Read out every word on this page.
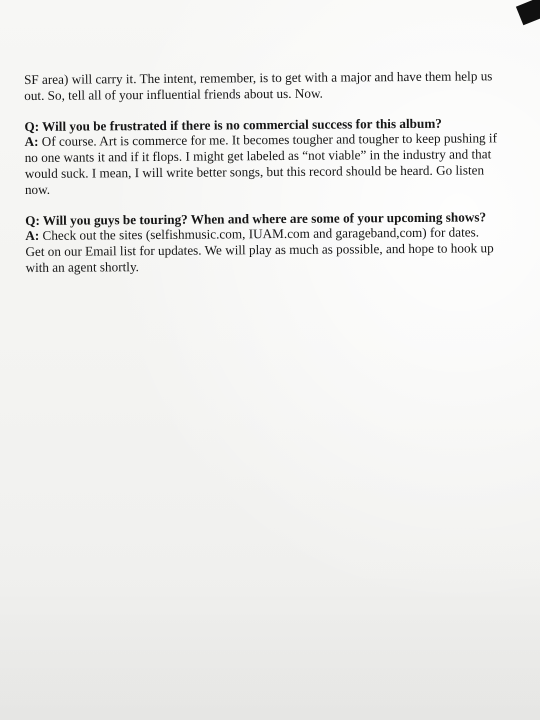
SF area) will carry it. The intent, remember, is to get with a major and have them help us
out. So, tell all of your influential friends about us. Now.

Q: Will you be frustrated if there is no commercial success for this album?
A: Of course. Art is commerce for me. It becomes tougher and tougher to keep pushing if
no one wants it and if it flops. I might get labeled as “not viable” in the industry and that
would suck. I mean, I will write better songs, but this record should be heard. Go listen
now.

Q: Will you guys be touring? When and where are some of your upcoming shows?
A: Check out the sites (selfishmusic.com, IUAM.com and garageband,com) for dates.
Get on our Email list for updates. We will play as much as possible, and hope to hook up
with an agent shortly.
